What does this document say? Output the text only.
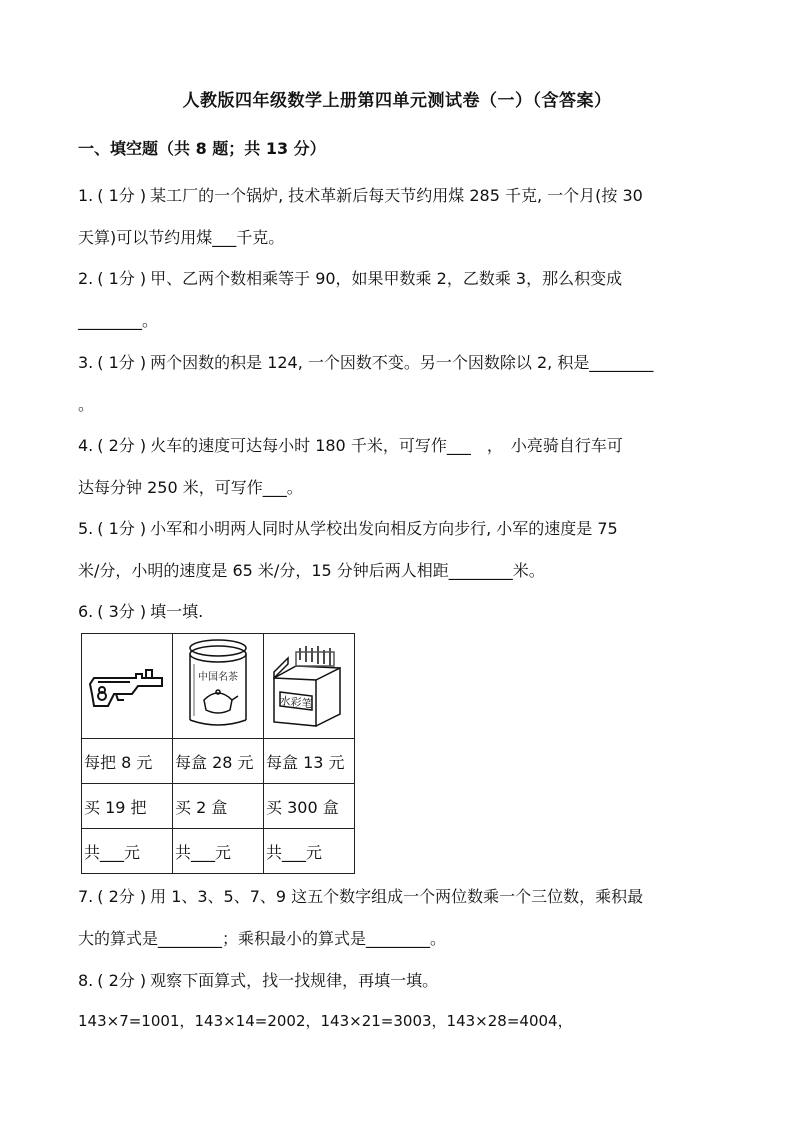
人教版四年级数学上册第四单元测试卷（一）（含答案）
一、填空题（共 8 题；共 13 分）
1. ( 1分 ) 某工厂的一个锅炉, 技术革新后每天节约用煤 285 千克, 一个月(按 30
天算)可以节约用煤___千克。
2. ( 1分 ) 甲、乙两个数相乘等于 90，如果甲数乘 2，乙数乘 3，那么积变成
________。
3. ( 1分 ) 两个因数的积是 124, 一个因数不变。另一个因数除以 2, 积是________
。
4. ( 2分 ) 火车的速度可达每小时 180 千米，可写作___　，　小亮骑自行车可
达每分钟 250 米，可写作___。
5. ( 1分 ) 小军和小明两人同时从学校出发向相反方向步行, 小军的速度是 75
米/分，小明的速度是 65 米/分，15 分钟后两人相距________米。
6. ( 3分 ) 填一填.

中国名茶	水彩笔

每把 8 元	每盒 28 元	每盒 13 元
买 19 把	买 2 盒	买 300 盒
共___元	共___元	共___元
7. ( 2分 ) 用 1、3、5、7、9 这五个数字组成一个两位数乘一个三位数，乘积最
大的算式是________；乘积最小的算式是________。
8. ( 2分 ) 观察下面算式，找一找规律，再填一填。
143×7=1001，143×14=2002，143×21=3003，143×28=4004，
